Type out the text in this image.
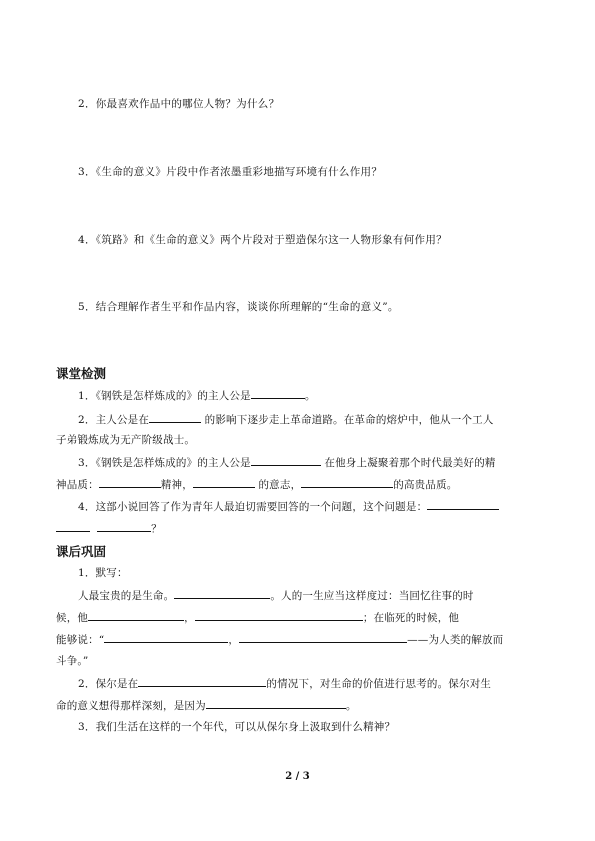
2．你最喜欢作品中的哪位人物？为什么？
3．《生命的意义》片段中作者浓墨重彩地描写环境有什么作用？
4．《筑路》和《生命的意义》两个片段对于塑造保尔这一人物形象有何作用？
5．结合理解作者生平和作品内容，谈谈你所理解的“生命的意义”。
课堂检测
1．《钢铁是怎样炼成的》的主人公是	。
2．主人公是在	的影响下逐步走上革命道路。在革命的熔炉中，他从一个工人
子弟锻炼成为无产阶级战士。
3．《钢铁是怎样炼成的》的主人公是	在他身上凝聚着那个时代最美好的精
神品质：	精神，	的意志，	的高贵品质。
4．这部小说回答了作为青年人最迫切需要回答的一个问题，这个问题是：
？
课后巩固
1．默写：
人最宝贵的是生命。	。人的一生应当这样度过：当回忆往事的时
候，他	，	；在临死的时候，他
能够说：“	，	——为人类的解放而
斗争。”
2．保尔是在	的情况下，对生命的价值进行思考的。保尔对生
命的意义想得那样深刻，是因为	。
3．我们生活在这样的一个年代，可以从保尔身上汲取到什么精神？
2 / 3
